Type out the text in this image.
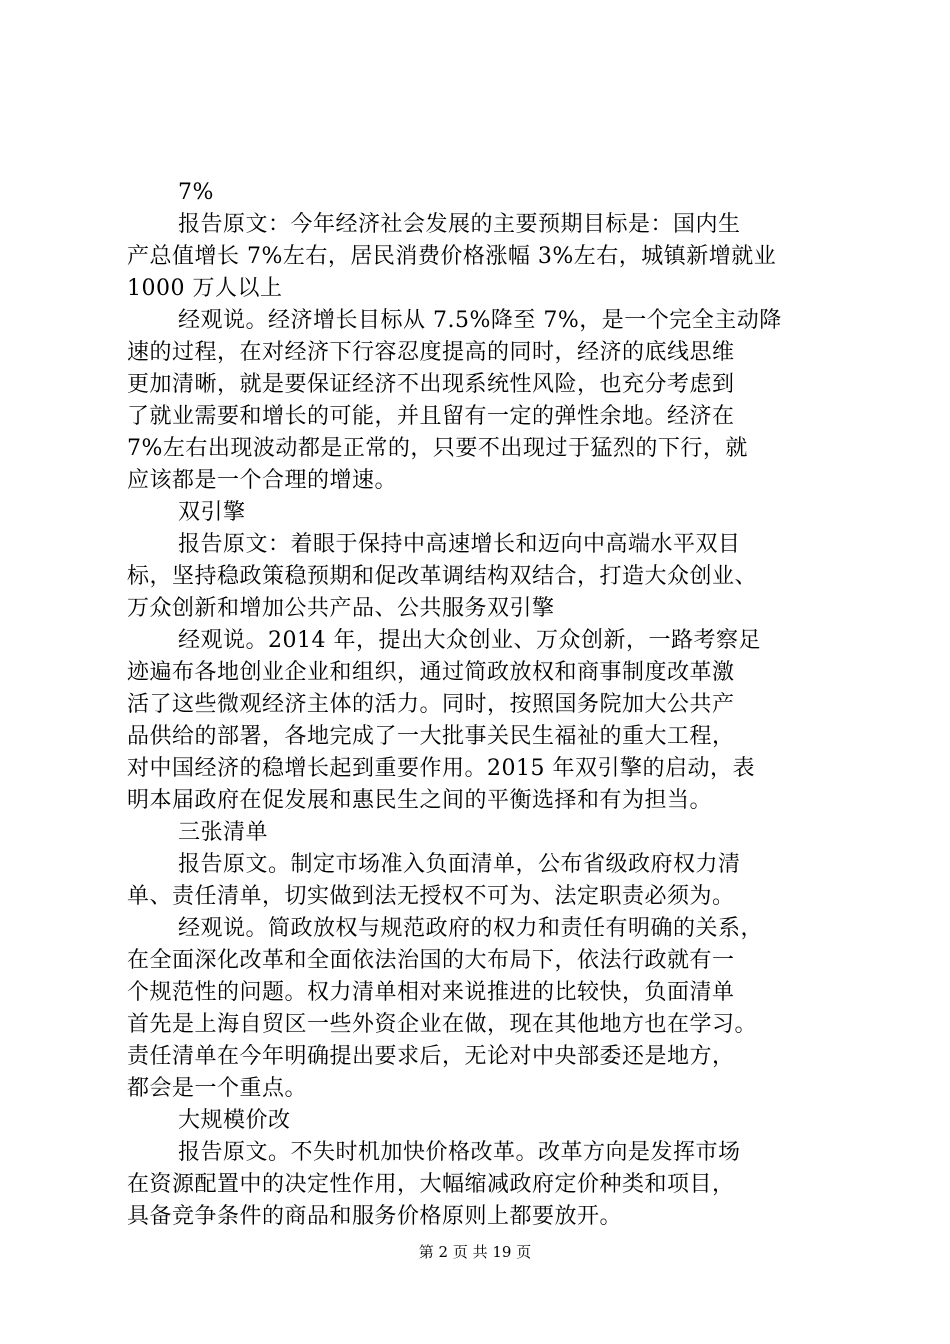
7%
报告原文：今年经济社会发展的主要预期目标是：国内生
产总值增长 7%左右，居民消费价格涨幅 3%左右，城镇新增就业
1000 万人以上
经观说。经济增长目标从 7.5%降至 7%，是一个完全主动降
速的过程，在对经济下行容忍度提高的同时，经济的底线思维
更加清晰，就是要保证经济不出现系统性风险，也充分考虑到
了就业需要和增长的可能，并且留有一定的弹性余地。经济在
7%左右出现波动都是正常的，只要不出现过于猛烈的下行，就
应该都是一个合理的增速。
双引擎
报告原文：着眼于保持中高速增长和迈向中高端水平双目
标，坚持稳政策稳预期和促改革调结构双结合，打造大众创业、
万众创新和增加公共产品、公共服务双引擎
经观说。2014 年，提出大众创业、万众创新，一路考察足
迹遍布各地创业企业和组织，通过简政放权和商事制度改革激
活了这些微观经济主体的活力。同时，按照国务院加大公共产
品供给的部署，各地完成了一大批事关民生福祉的重大工程，
对中国经济的稳增长起到重要作用。2015 年双引擎的启动，表
明本届政府在促发展和惠民生之间的平衡选择和有为担当。
三张清单
报告原文。制定市场准入负面清单，公布省级政府权力清
单、责任清单，切实做到法无授权不可为、法定职责必须为。
经观说。简政放权与规范政府的权力和责任有明确的关系，
在全面深化改革和全面依法治国的大布局下，依法行政就有一
个规范性的问题。权力清单相对来说推进的比较快，负面清单
首先是上海自贸区一些外资企业在做，现在其他地方也在学习。
责任清单在今年明确提出要求后，无论对中央部委还是地方，
都会是一个重点。
大规模价改
报告原文。不失时机加快价格改革。改革方向是发挥市场
在资源配置中的决定性作用，大幅缩减政府定价种类和项目，
具备竞争条件的商品和服务价格原则上都要放开。
第 2 页 共 19 页
